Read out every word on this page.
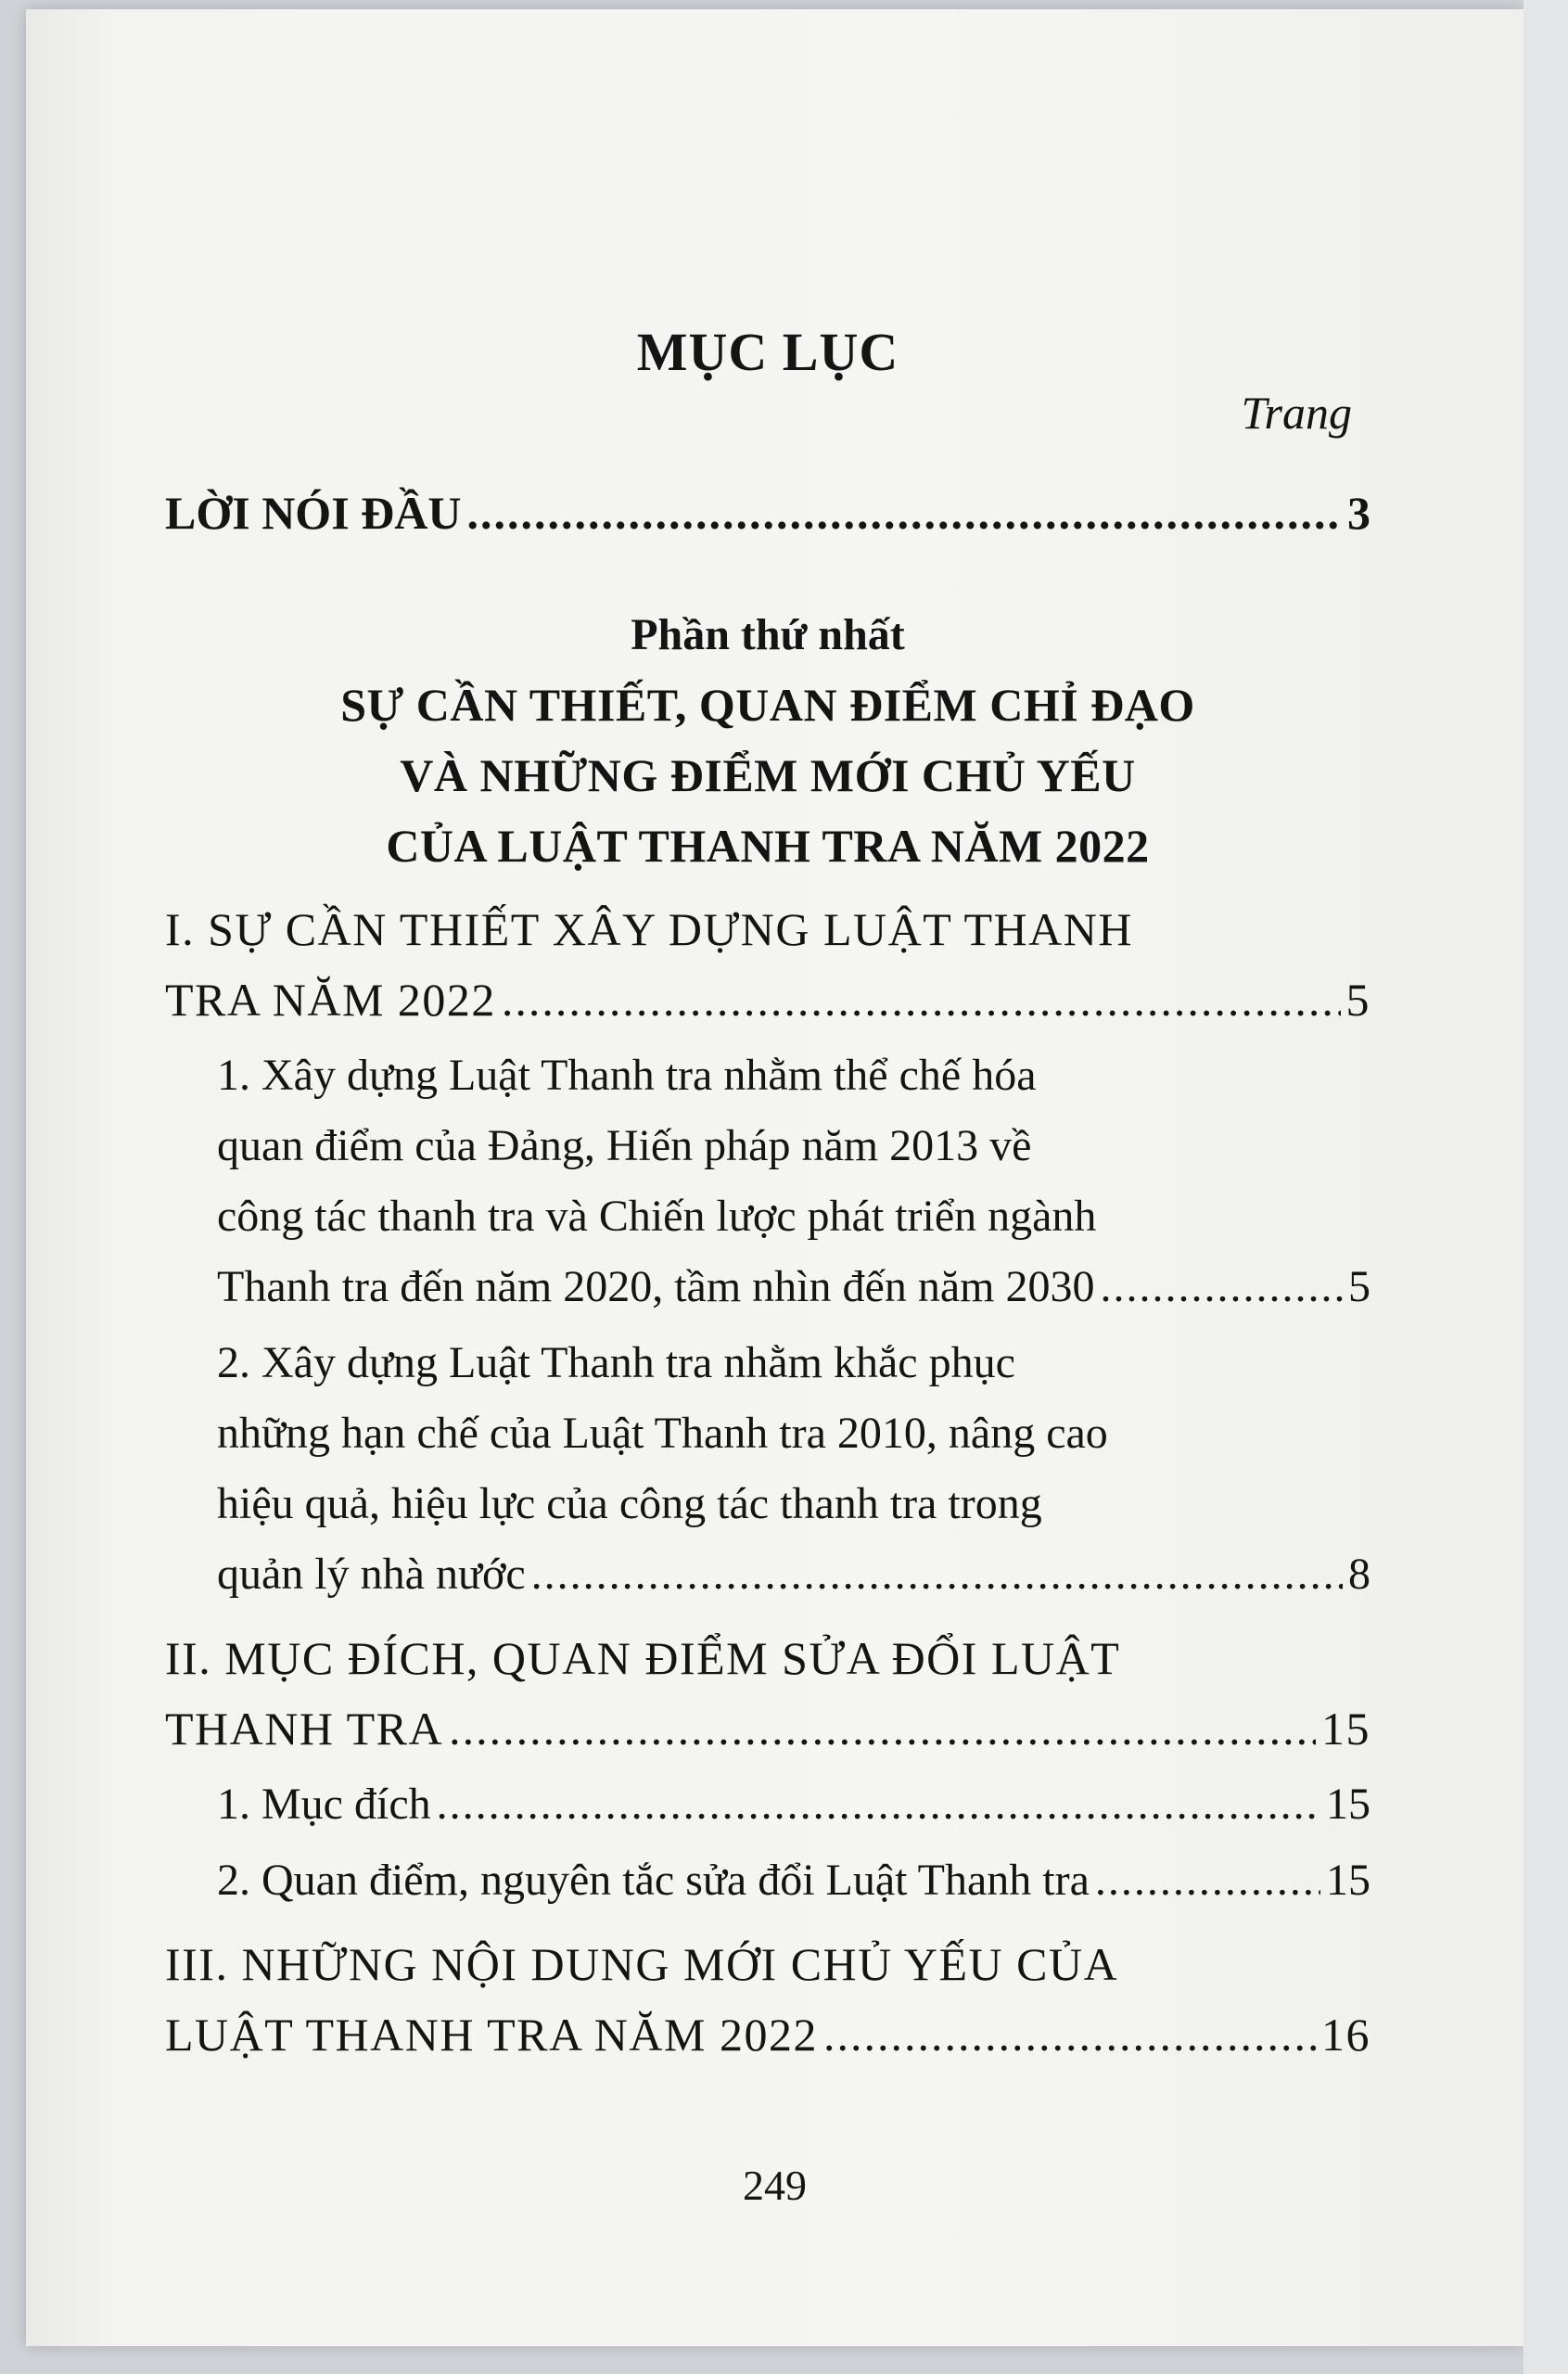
MỤC LỤC
Trang
LỜI NÓI ĐẦU .....	3
Phần thứ nhất
SỰ CẦN THIẾT, QUAN ĐIỂM CHỈ ĐẠO
VÀ NHỮNG ĐIỂM MỚI CHỦ YẾU
CỦA LUẬT THANH TRA NĂM 2022
I. SỰ CẦN THIẾT XÂY DỰNG LUẬT THANH
TRA NĂM 2022 .....	5
1. Xây dựng Luật Thanh tra nhằm thể chế hóa
quan điểm của Đảng, Hiến pháp năm 2013 về
công tác thanh tra và Chiến lược phát triển ngành
Thanh tra đến năm 2020, tầm nhìn đến năm 2030 .....	5
2. Xây dựng Luật Thanh tra nhằm khắc phục
những hạn chế của Luật Thanh tra 2010, nâng cao
hiệu quả, hiệu lực của công tác thanh tra trong
quản lý nhà nước .....	8
II. MỤC ĐÍCH, QUAN ĐIỂM SỬA ĐỔI LUẬT
THANH TRA .....	15
1. Mục đích .....	15
2. Quan điểm, nguyên tắc sửa đổi Luật Thanh tra .....	15
III. NHỮNG NỘI DUNG MỚI CHỦ YẾU CỦA
LUẬT THANH TRA NĂM 2022 .....	16
249
